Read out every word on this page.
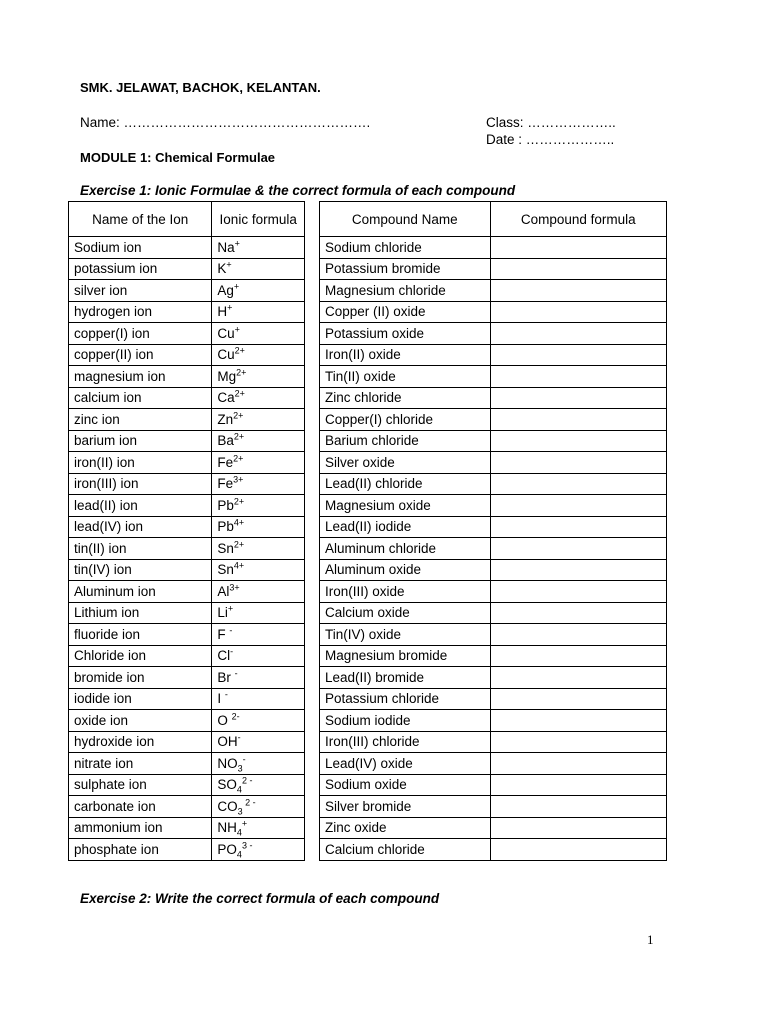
SMK. JELAWAT, BACHOK, KELANTAN.
Name: ……………………………………………….	Class: ………………..
Date : ………………..
MODULE 1: Chemical Formulae
Exercise 1: Ionic Formulae & the correct formula of each compound
Name of the Ion	Ionic formula
Sodium ion	Na+
potassium ion	K+
silver ion	Ag+
hydrogen ion	H+
copper(I) ion	Cu+
copper(II) ion	$Cu^{2+}$
magnesium ion	$Mg^{2+}$
calcium ion	$Ca^{2+}$
zinc ion	$Zn^{2+}$
barium ion	$Ba^{2+}$
iron(II) ion	$Fe^{2+}$
iron(III) ion	$Fe^{3+}$
lead(II) ion	$Pb^{2+}$
lead(IV) ion	$Pb^{4+}$
tin(II) ion	$Sn^{2+}$
tin(IV) ion	$Sn^{4+}$
Aluminum ion	$Al^{3+}$
Lithium ion	Li+
fluoride ion	F -
Chloride ion	Cl-
bromide ion	Br -
iodide ion	I -
oxide ion	O $^{2-}$
hydroxide ion	OH-
nitrate ion	$NO_3^-$
sulphate ion	$SO_4^{2 -}$
carbonate ion	$CO_3$ $^{2 -}$
ammonium ion	$NH_4^+$
phosphate ion	$PO_4^{3 -}$
Compound Name	Compound formula
Sodium chloride	
Potassium bromide	
Magnesium chloride	
Copper (II) oxide	
Potassium oxide	
Iron(II) oxide	
Tin(II) oxide	
Zinc chloride	
Copper(I) chloride	
Barium chloride	
Silver oxide	
Lead(II) chloride	
Magnesium oxide	
Lead(II) iodide	
Aluminum chloride	
Aluminum oxide	
Iron(III) oxide	
Calcium oxide	
Tin(IV) oxide	
Magnesium bromide	
Lead(II) bromide	
Potassium chloride	
Sodium iodide	
Iron(III) chloride	
Lead(IV) oxide	
Sodium oxide	
Silver bromide	
Zinc oxide	
Calcium chloride	
Exercise 2: Write the correct formula of each compound
1
